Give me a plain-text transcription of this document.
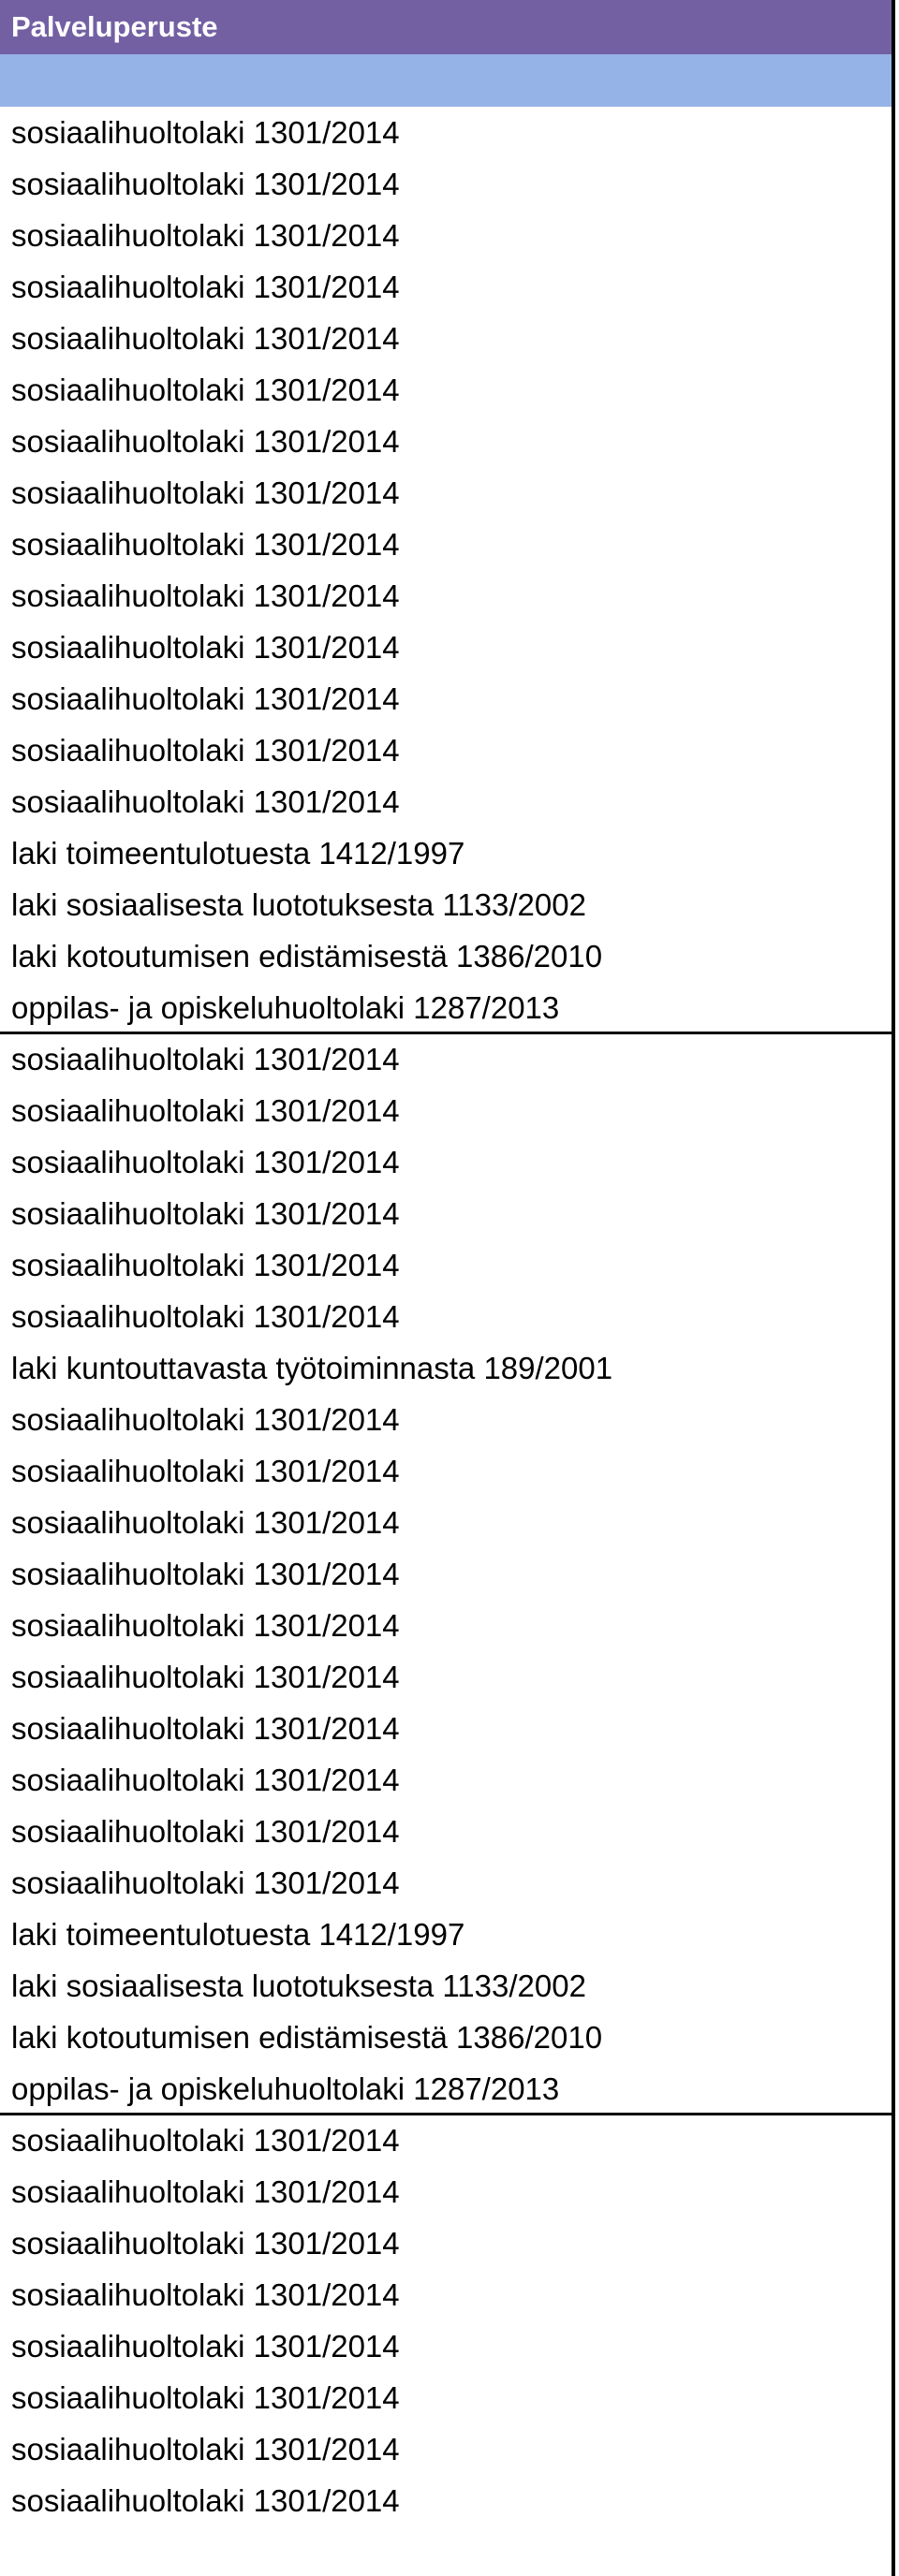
Palveluperuste
sosiaalihuoltolaki 1301/2014
sosiaalihuoltolaki 1301/2014
sosiaalihuoltolaki 1301/2014
sosiaalihuoltolaki 1301/2014
sosiaalihuoltolaki 1301/2014
sosiaalihuoltolaki 1301/2014
sosiaalihuoltolaki 1301/2014
sosiaalihuoltolaki 1301/2014
sosiaalihuoltolaki 1301/2014
sosiaalihuoltolaki 1301/2014
sosiaalihuoltolaki 1301/2014
sosiaalihuoltolaki 1301/2014
sosiaalihuoltolaki 1301/2014
sosiaalihuoltolaki 1301/2014
laki toimeentulotuesta 1412/1997
laki sosiaalisesta luototuksesta 1133/2002
laki kotoutumisen edistämisestä 1386/2010
oppilas- ja opiskeluhuoltolaki 1287/2013
sosiaalihuoltolaki 1301/2014
sosiaalihuoltolaki 1301/2014
sosiaalihuoltolaki 1301/2014
sosiaalihuoltolaki 1301/2014
sosiaalihuoltolaki 1301/2014
sosiaalihuoltolaki 1301/2014
laki kuntouttavasta työtoiminnasta 189/2001
sosiaalihuoltolaki 1301/2014
sosiaalihuoltolaki 1301/2014
sosiaalihuoltolaki 1301/2014
sosiaalihuoltolaki 1301/2014
sosiaalihuoltolaki 1301/2014
sosiaalihuoltolaki 1301/2014
sosiaalihuoltolaki 1301/2014
sosiaalihuoltolaki 1301/2014
sosiaalihuoltolaki 1301/2014
sosiaalihuoltolaki 1301/2014
laki toimeentulotuesta 1412/1997
laki sosiaalisesta luototuksesta 1133/2002
laki kotoutumisen edistämisestä 1386/2010
oppilas- ja opiskeluhuoltolaki 1287/2013
sosiaalihuoltolaki 1301/2014
sosiaalihuoltolaki 1301/2014
sosiaalihuoltolaki 1301/2014
sosiaalihuoltolaki 1301/2014
sosiaalihuoltolaki 1301/2014
sosiaalihuoltolaki 1301/2014
sosiaalihuoltolaki 1301/2014
sosiaalihuoltolaki 1301/2014
